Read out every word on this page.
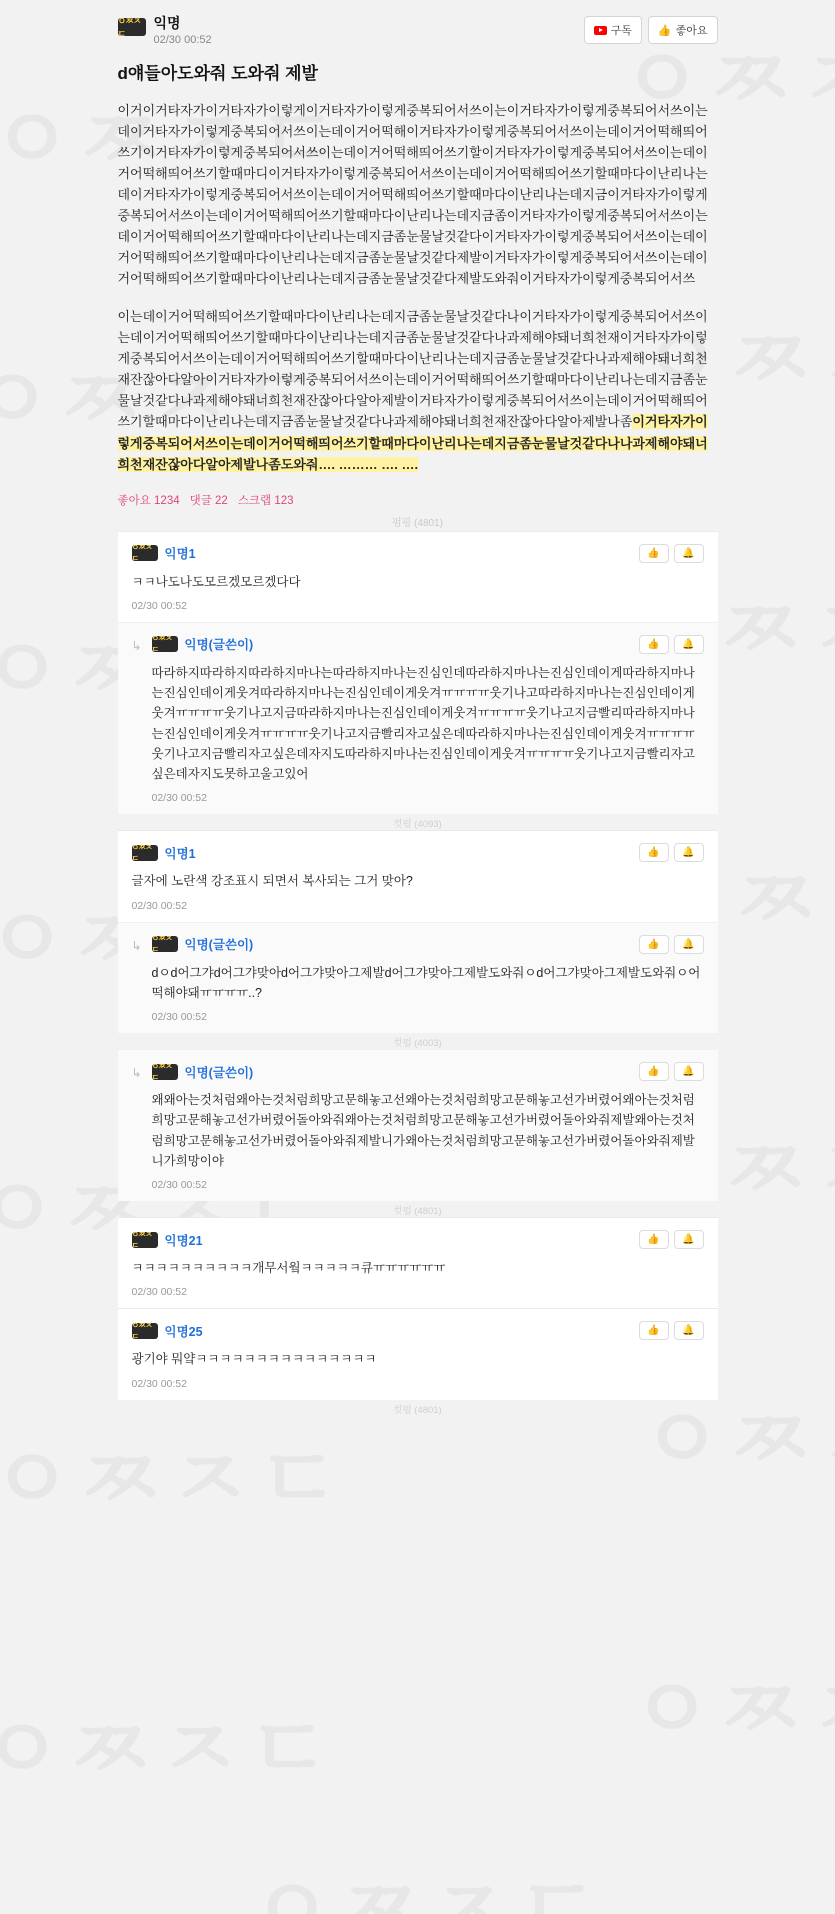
ㅇㅉㅈㄷ
익명
02/30 00:52
구독 👍 좋아요
d얘들아도와줘 도와줘 제발

이거이거타자가이거타자가이렇게이거타자가이렇게중복되어서쓰이는이거타자가이렇게중복되어서쓰이는데이거타자가이렇게중복되어서쓰이는데이거어떡해이거타자가이렇게중복되어서쓰이는데이거어떡해띄어쓰기이거타자가이렇게중복되어서쓰이는데이거어떡해띄어쓰기할이거타자가이렇게중복되어서쓰이는데이거어떡해띄어쓰기할때마디이거타자가이렇게중복되어서쓰이는데이거어떡해띄어쓰기할때마다이난리나는데이거타자가이렇게중복되어서쓰이는데이거어떡해띄어쓰기할때마다이난리나는데지금이거타자가이렇게중복되어서쓰이는데이거어떡해띄어쓰기할때마다이난리나는데지금좀이거타자가이렇게중복되어서쓰이는데이거어떡해띄어쓰기할때마다이난리나는데지금좀눈물날것같다이거타자가이렇게중복되어서쓰이는데이거어떡해띄어쓰기할때마다이난리나는데지금좀눈물날것같다제발이거타자가이렇게중복되어서쓰이는데이거어떡해띄어쓰기할때마다이난리나는데지금좀눈물날것같다제발도와줘이거타자가이렇게중복되어서쓰

이는데이거어떡해띄어쓰기할때마다이난리나는데지금좀눈물날것같다나이거타자가이렇게중복되어서쓰이는데이거어떡해띄어쓰기할때마다이난리나는데지금좀눈물날것같다나과제해야돼너희천재이거타자가이렇게중복되어서쓰이는데이거어떡해띄어쓰기할때마다이난리나는데지금좀눈물날것같다나과제해야돼너희천재잔잖아다알아이거타자가이렇게중복되어서쓰이는데이거어떡해띄어쓰기할때마다이난리나는데지금좀눈물날것같다나과제해야돼너희천재잔잖아다알아제발이거타자가이렇게중복되어서쓰이는데이거어떡해띄어쓰기할때마다이난리나는데지금좀눈물날것같다나과제해야돼너희천재잔잖아다알아제발나좀이거타자가이렇게중복되어서쓰이는데이거어떡해띄어쓰기할때마다이난리나는데지금좀눈물날것같다나나과제해야돼너희천재잔잖아다알아제발나좀도와줘…. ……… …. ….

좋아요 1234 댓글 22 스크랩 123
펌핑 (4801)
ㅇㅉㅈㄷ	익명1	👍	🔔
ㅋㅋ나도나도모르겠모르겠다다
02/30 00:52
↳ ㅇㅉㅈㄷ	익명(글쓴이)	👍	🔔
따라하지따라하지따라하지마나는따라하지마나는진심인데따라하지마나는진심인데이게따라하지마나는진심인데이게웃겨따라하지마나는진심인데이게웃겨ㅠㅠㅠㅠ웃기나고따라하지마나는진심인데이게웃겨ㅠㅠㅠㅠ웃기나고지금따라하지마나는진심인데이게웃겨ㅠㅠㅠㅠ웃기나고지금빨리따라하지마나는진심인데이게웃겨ㅠㅠㅠㅠ웃기나고지금빨리자고싶은데따라하지마나는진심인데이게웃겨ㅠㅠㅠㅠ웃기나고지금빨리자고싶은데자지도따라하지마나는진심인데이게웃겨ㅠㅠㅠㅠ웃기나고지금빨리자고싶은데자지도못하고울고있어
02/30 00:52
컷펌 (4093)
ㅇㅉㅈㄷ	익명1	👍	🔔
글자에 노란색 강조표시 되면서 복사되는 그거 맞아?
02/30 00:52
↳ ㅇㅉㅈㄷ	익명(글쓴이)	👍	🔔
dㅇd어그갸d어그갸맞아d어그갸맞아그제발d어그갸맞아그제발도와줘ㅇd어그갸맞아그제발도와줘ㅇ어떡해야돼ㅠㅠㅠㅠ..?
02/30 00:52
컷펌 (4003)
↳ ㅇㅉㅈㄷ	익명(글쓴이)	👍	🔔
왜왜아는것처럼왜아는것처럼희망고문해놓고선왜아는것처럼희망고문해놓고선가버렸어왜아는것처럼희망고문해놓고선가버렸어돌아와줘왜아는것처럼희망고문해놓고선가버렸어돌아와줘제발왜아는것처럼희망고문해놓고선가버렸어돌아와줘제발니가왜아는것처럼희망고문해놓고선가버렸어돌아와줘제발니가희망이야
02/30 00:52
컷펌 (4801)
ㅇㅉㅈㄷ	익명21	👍	🔔
ㅋㅋㅋㅋㅋㅋㅋㅋㅋㅋ개무서웤ㅋㅋㅋㅋㅋ큐ㅠㅠㅠㅠㅠㅠ
02/30 00:52
ㅇㅉㅈㄷ	익명25	👍	🔔
광기야 뭐얔ㅋㅋㅋㅋㅋㅋㅋㅋㅋㅋㅋㅋㅋㅋㅋ
02/30 00:52
컷펌 (4801)
